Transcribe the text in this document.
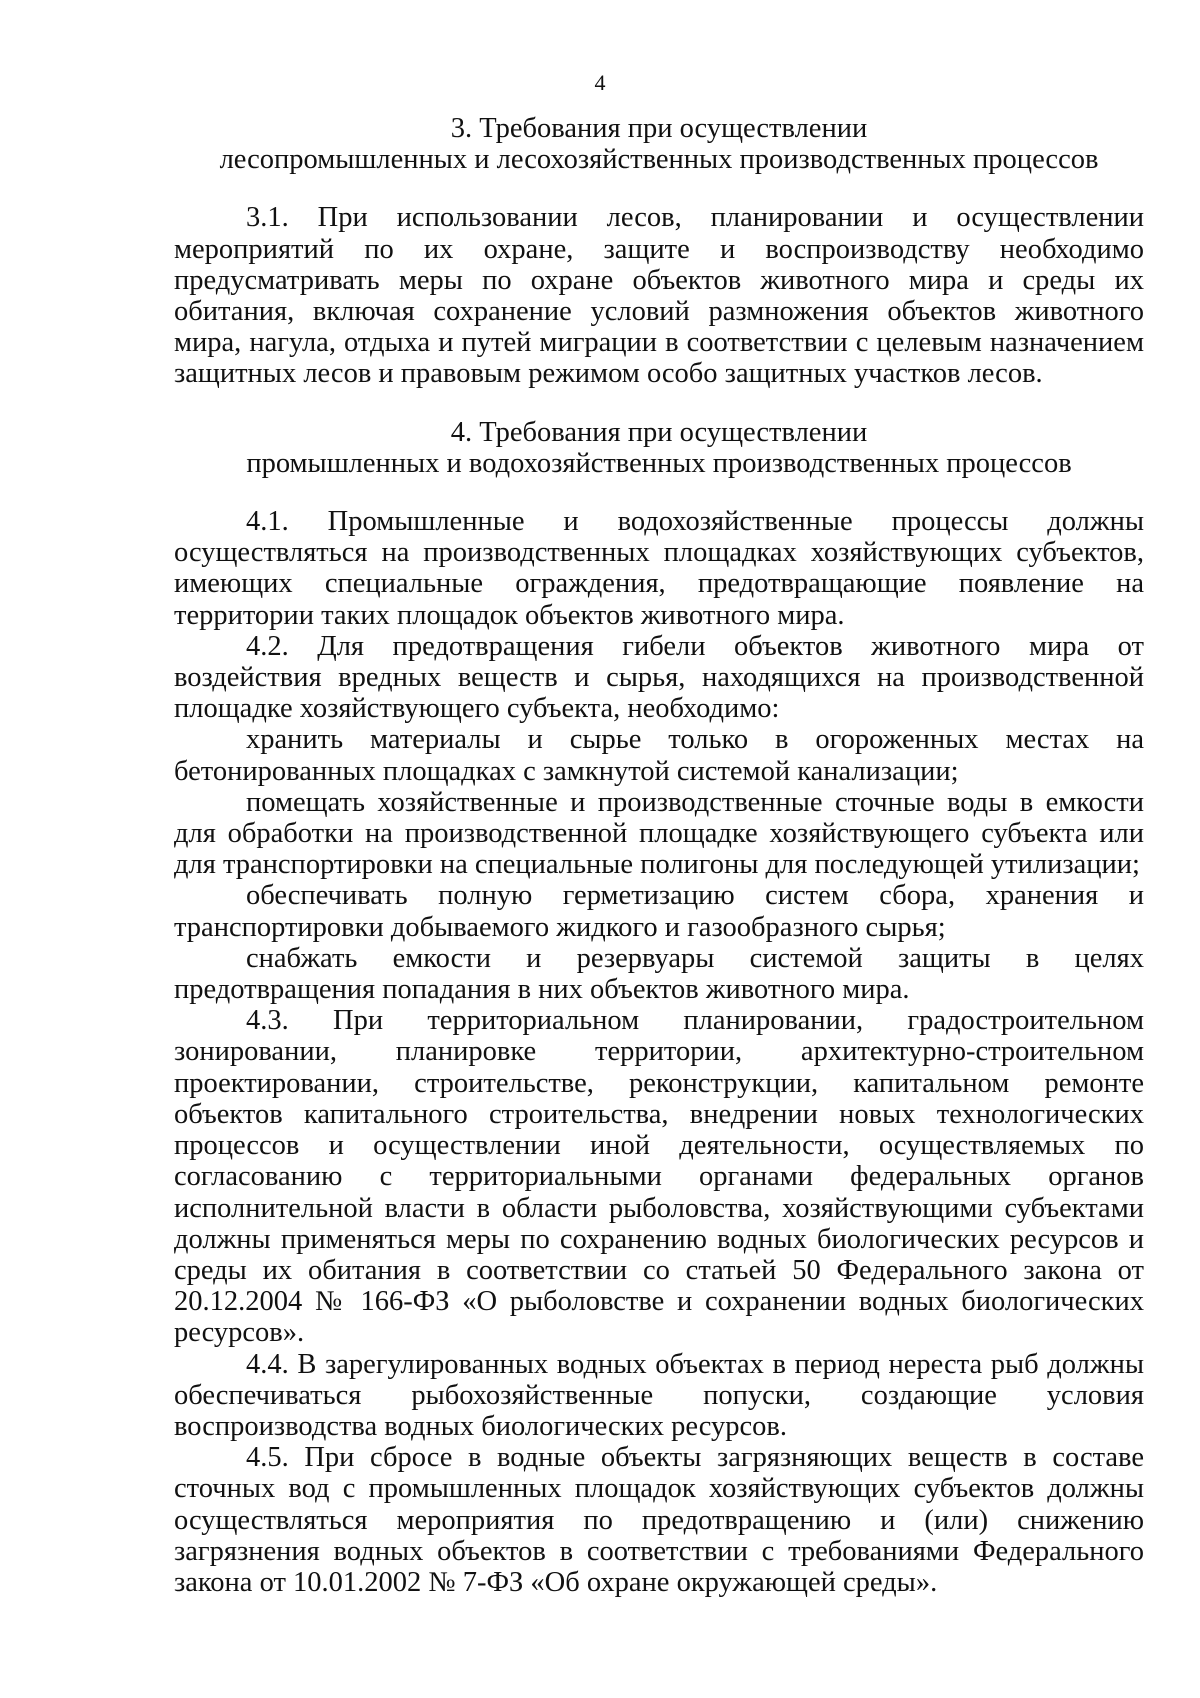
4
3. Требования при осуществлении
лесопромышленных и лесохозяйственных производственных процессов

3.1. При использовании лесов, планировании и осуществлении мероприятий по их охране, защите и воспроизводству необходимо предусматривать меры по охране объектов животного мира и среды их обитания, включая сохранение условий размножения объектов животного мира, нагула, отдыха и путей миграции в соответствии с целевым назначением защитных лесов и правовым режимом особо защитных участков лесов.

4. Требования при осуществлении
промышленных и водохозяйственных производственных процессов

4.1. Промышленные и водохозяйственные процессы должны осуществляться на производственных площадках хозяйствующих субъектов, имеющих специальные ограждения, предотвращающие появление на территории таких площадок объектов животного мира.

4.2. Для предотвращения гибели объектов животного мира от воздействия вредных веществ и сырья, находящихся на производственной площадке хозяйствующего субъекта, необходимо:

хранить материалы и сырье только в огороженных местах на бетонированных площадках с замкнутой системой канализации;

помещать хозяйственные и производственные сточные воды в емкости для обработки на производственной площадке хозяйствующего субъекта или для транспортировки на специальные полигоны для последующей утилизации;

обеспечивать полную герметизацию систем сбора, хранения и транспортировки добываемого жидкого и газообразного сырья;

снабжать емкости и резервуары системой защиты в целях предотвращения попадания в них объектов животного мира.

4.3. При территориальном планировании, градостроительном зонировании, планировке территории, архитектурно-строительном проектировании, строительстве, реконструкции, капитальном ремонте объектов капитального строительства, внедрении новых технологических процессов и осуществлении иной деятельности, осуществляемых по согласованию с территориальными органами федеральных органов исполнительной власти в области рыболовства, хозяйствующими субъектами должны применяться меры по сохранению водных биологических ресурсов и среды их обитания в соответствии со статьей 50 Федерального закона от 20.12.2004 № 166-ФЗ «О рыболовстве и сохранении водных биологических ресурсов».

4.4. В зарегулированных водных объектах в период нереста рыб должны обеспечиваться рыбохозяйственные попуски, создающие условия воспроизводства водных биологических ресурсов.

4.5. При сбросе в водные объекты загрязняющих веществ в составе сточных вод с промышленных площадок хозяйствующих субъектов должны осуществляться мероприятия по предотвращению и (или) снижению загрязнения водных объектов в соответствии с требованиями Федерального закона от 10.01.2002 № 7-ФЗ «Об охране окружающей среды».
